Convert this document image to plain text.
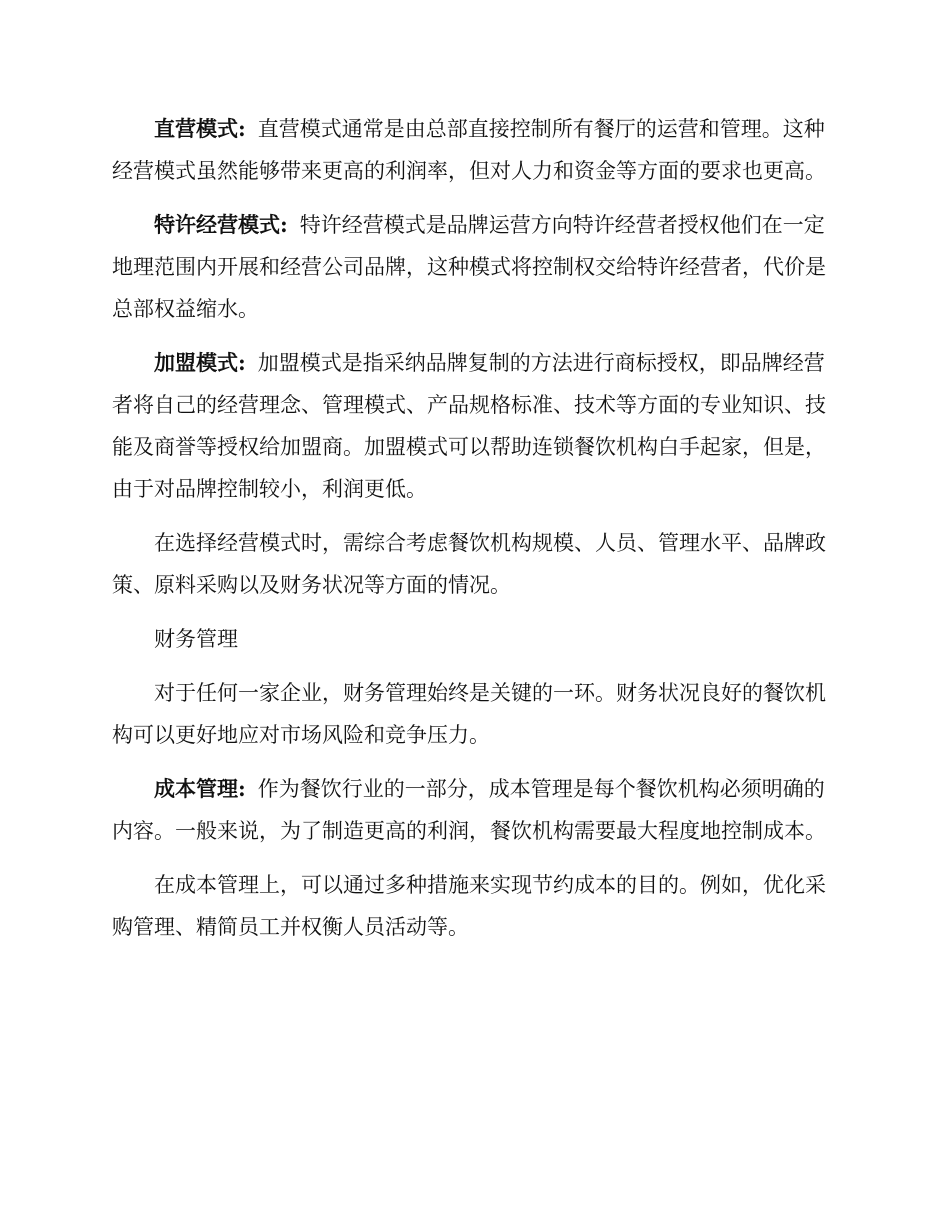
直营模式: 直营模式通常是由总部直接控制所有餐厅的运营和管理。这种经营模式虽然能够带来更高的利润率，但对人力和资金等方面的要求也更高。

特许经营模式: 特许经营模式是品牌运营方向特许经营者授权他们在一定地理范围内开展和经营公司品牌，这种模式将控制权交给特许经营者，代价是总部权益缩水。

加盟模式: 加盟模式是指采纳品牌复制的方法进行商标授权，即品牌经营者将自己的经营理念、管理模式、产品规格标准、技术等方面的专业知识、技能及商誉等授权给加盟商。加盟模式可以帮助连锁餐饮机构白手起家，但是，由于对品牌控制较小，利润更低。

在选择经营模式时，需综合考虑餐饮机构规模、人员、管理水平、品牌政策、原料采购以及财务状况等方面的情况。

财务管理

对于任何一家企业，财务管理始终是关键的一环。财务状况良好的餐饮机构可以更好地应对市场风险和竞争压力。

成本管理: 作为餐饮行业的一部分，成本管理是每个餐饮机构必须明确的内容。一般来说，为了制造更高的利润，餐饮机构需要最大程度地控制成本。

在成本管理上，可以通过多种措施来实现节约成本的目的。例如，优化采购管理、精简员工并权衡人员活动等。
